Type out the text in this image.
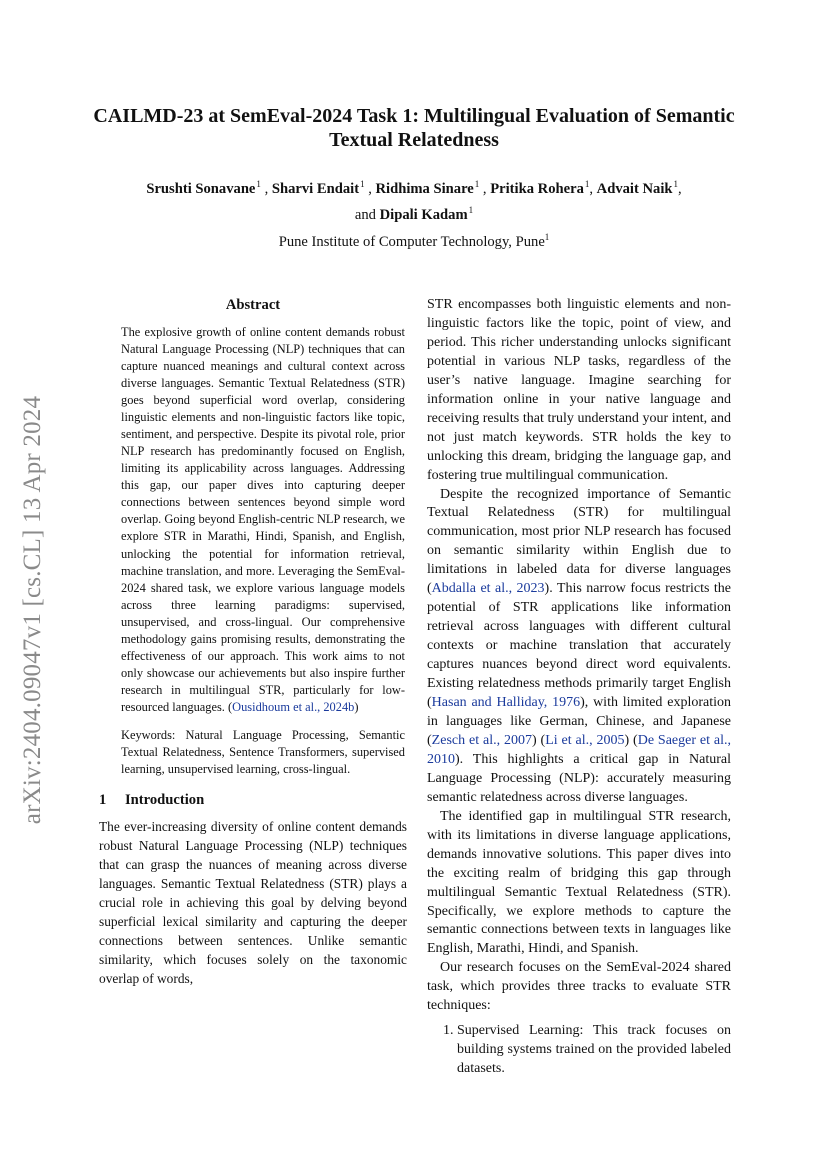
arXiv:2404.09047v1 [cs.CL] 13 Apr 2024
CAILMD-23 at SemEval-2024 Task 1: Multilingual Evaluation of Semantic Textual Relatedness
Srushti Sonavane$^1$ , Sharvi Endait$^1$ , Ridhima Sinare$^1$ , Pritika Rohera$^1$, Advait Naik$^1$,
and Dipali Kadam$^1$
Pune Institute of Computer Technology, Pune$^1$
Abstract
The explosive growth of online content demands robust Natural Language Processing (NLP) techniques that can capture nuanced meanings and cultural context across diverse languages. Semantic Textual Relatedness (STR) goes beyond superficial word overlap, considering linguistic elements and non-linguistic factors like topic, sentiment, and perspective. Despite its pivotal role, prior NLP research has predominantly focused on English, limiting its applicability across languages. Addressing this gap, our paper dives into capturing deeper connections between sentences beyond simple word overlap. Going beyond English-centric NLP research, we explore STR in Marathi, Hindi, Spanish, and English, unlocking the potential for information retrieval, machine translation, and more. Leveraging the SemEval-2024 shared task, we explore various language models across three learning paradigms: supervised, unsupervised, and cross-lingual. Our comprehensive methodology gains promising results, demonstrating the effectiveness of our approach. This work aims to not only showcase our achievements but also inspire further research in multilingual STR, particularly for low-resourced languages. (Ousidhoum et al., 2024b)
Keywords: Natural Language Processing, Semantic Textual Relatedness, Sentence Transformers, supervised learning, unsupervised learning, cross-lingual.
1 Introduction

The ever-increasing diversity of online content demands robust Natural Language Processing (NLP) techniques that can grasp the nuances of meaning across diverse languages. Semantic Textual Relatedness (STR) plays a crucial role in achieving this goal by delving beyond superficial lexical similarity and capturing the deeper connections between sentences. Unlike semantic similarity, which focuses solely on the taxonomic overlap of words,

STR encompasses both linguistic elements and non-linguistic factors like the topic, point of view, and period. This richer understanding unlocks significant potential in various NLP tasks, regardless of the user’s native language. Imagine searching for information online in your native language and receiving results that truly understand your intent, and not just match keywords. STR holds the key to unlocking this dream, bridging the language gap, and fostering true multilingual communication.

Despite the recognized importance of Semantic Textual Relatedness (STR) for multilingual communication, most prior NLP research has focused on semantic similarity within English due to limitations in labeled data for diverse languages (Abdalla et al., 2023). This narrow focus restricts the potential of STR applications like information retrieval across languages with different cultural contexts or machine translation that accurately captures nuances beyond direct word equivalents. Existing relatedness methods primarily target English (Hasan and Halliday, 1976), with limited exploration in languages like German, Chinese, and Japanese (Zesch et al., 2007) (Li et al., 2005) (De Saeger et al., 2010). This highlights a critical gap in Natural Language Processing (NLP): accurately measuring semantic relatedness across diverse languages.

The identified gap in multilingual STR research, with its limitations in diverse language applications, demands innovative solutions. This paper dives into the exciting realm of bridging this gap through multilingual Semantic Textual Relatedness (STR). Specifically, we explore methods to capture the semantic connections between texts in languages like English, Marathi, Hindi, and Spanish.

Our research focuses on the SemEval-2024 shared task, which provides three tracks to evaluate STR techniques:

1. Supervised Learning: This track focuses on building systems trained on the provided labeled datasets.
